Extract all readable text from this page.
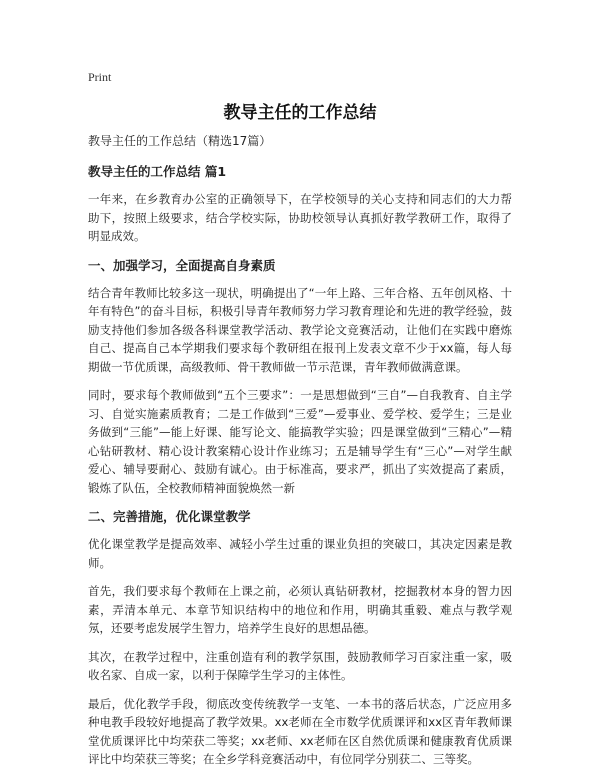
Print
教导主任的工作总结

教导主任的工作总结（精选17篇）

教导主任的工作总结 篇1

一年来，在乡教育办公室的正确领导下，在学校领导的关心支持和同志们的大力帮助下，按照上级要求，结合学校实际，协助校领导认真抓好教学教研工作，取得了明显成效。

一、加强学习，全面提高自身素质

结合青年教师比较多这一现状，明确提出了“一年上路、三年合格、五年创风格、十年有特色”的奋斗目标，积极引导青年教师努力学习教育理论和先进的教学经验，鼓励支持他们参加各级各科课堂教学活动、教学论文竞赛活动，让他们在实践中磨炼自己、提高自己本学期我们要求每个教研组在报刊上发表文章不少于xx篇，每人每期做一节优质课，高级教师、骨干教师做一节示范课，青年教师做满意课。

同时，要求每个教师做到“五个三要求”：一是思想做到“三自”—自我教育、自主学习、自觉实施素质教育；二是工作做到“三爱”—爱事业、爱学校、爱学生；三是业务做到“三能”—能上好课、能写论文、能搞教学实验；四是课堂做到“三精心”—精心钻研教材、精心设计教案精心设计作业练习；五是辅导学生有“三心”—对学生献爱心、辅导要耐心、鼓励有诚心。由于标准高，要求严，抓出了实效提高了素质，锻炼了队伍，全校教师精神面貌焕然一新

二、完善措施，优化课堂教学

优化课堂教学是提高效率、减轻小学生过重的课业负担的突破口，其决定因素是教师。

首先，我们要求每个教师在上课之前，必须认真钻研教材，挖掘教材本身的智力因素，弄清本单元、本章节知识结构中的地位和作用，明确其重毅、难点与教学观氖，还要考虑发展学生智力，培养学生良好的思想品德。

其次，在教学过程中，注重创造有利的教学氛围，鼓励教师学习百家注重一家，吸收名家、自成一家，以利于保障学生学习的主体性。

最后，优化教学手段，彻底改变传统教学一支笔、一本书的落后状态，广泛应用多种电教手段较好地提高了教学效果。xx老师在全市数学优质课评和xx区青年教师课堂优质课评比中均荣获二等奖；xx老师、xx老师在区自然优质课和健康教育优质课评比中均荣获三等奖；在全乡学科竞赛活动中，有位同学分别获二、三等奖。
